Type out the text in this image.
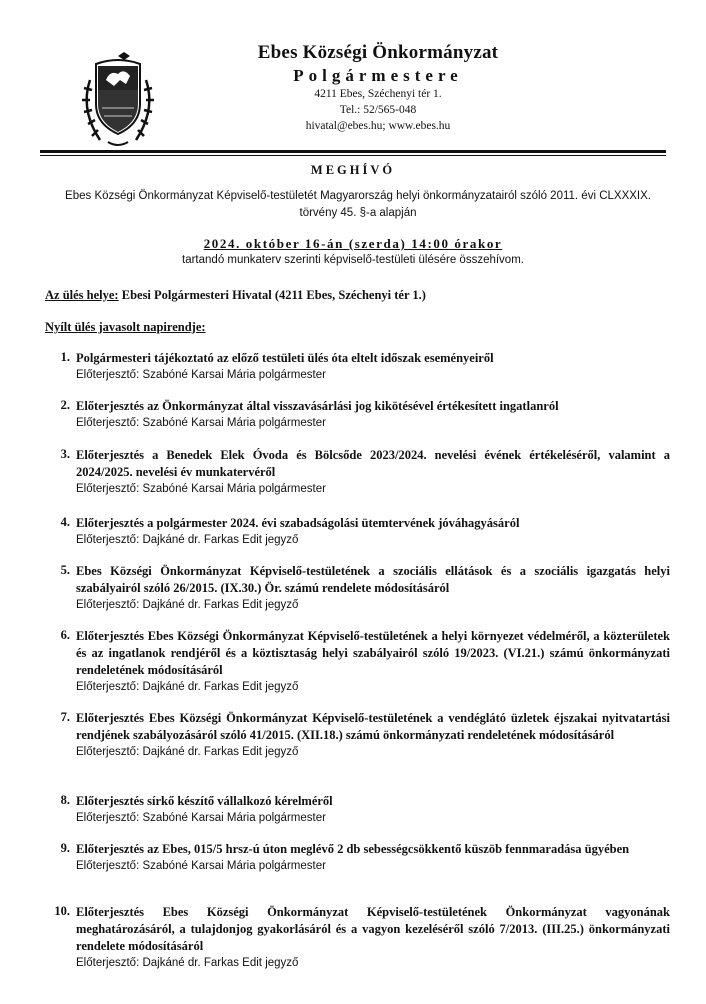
Ebes Községi Önkormányzat
Polgármestere
4211 Ebes, Széchenyi tér 1.
Tel.: 52/565-048
hivatal@ebes.hu; www.ebes.hu
MEGHÍVÓ
Ebes Községi Önkormányzat Képviselő-testületét Magyarország helyi önkormányzatairól szóló 2011. évi CLXXXIX. törvény 45. §-a alapján
2024. október 16-án (szerda) 14:00 órakor
tartandó munkaterv szerinti képviselő-testületi ülésére összehívom.
Az ülés helye: Ebesi Polgármesteri Hivatal (4211 Ebes, Széchenyi tér 1.)
Nyílt ülés javasolt napirendje:
1. Polgármesteri tájékoztató az előző testületi ülés óta eltelt időszak eseményeiről
Előterjesztő: Szabóné Karsai Mária polgármester
2. Előterjesztés az Önkormányzat által visszavásárlási jog kikötésével értékesített ingatlanról
Előterjesztő: Szabóné Karsai Mária polgármester
3. Előterjesztés a Benedek Elek Óvoda és Bölcsőde 2023/2024. nevelési évének értékeléséről, valamint a 2024/2025. nevelési év munkatervéről
Előterjesztő: Szabóné Karsai Mária polgármester
4. Előterjesztés a polgármester 2024. évi szabadságolási ütemtervének jóváhagyásáról
Előterjesztő: Dajkáné dr. Farkas Edit jegyző
5. Ebes Községi Önkormányzat Képviselő-testületének a szociális ellátások és a szociális igazgatás helyi szabályairól szóló 26/2015. (IX.30.) Ör. számú rendelete módosításáról
Előterjesztő: Dajkáné dr. Farkas Edit jegyző
6. Előterjesztés Ebes Községi Önkormányzat Képviselő-testületének a helyi környezet védelméről, a közterületek és az ingatlanok rendjéről és a köztisztaság helyi szabályairól szóló 19/2023. (VI.21.) számú önkormányzati rendeletének módosításáról
Előterjesztő: Dajkáné dr. Farkas Edit jegyző
7. Előterjesztés Ebes Községi Önkormányzat Képviselő-testületének a vendéglátó üzletek éjszakai nyitvatartási rendjének szabályozásáról szóló 41/2015. (XII.18.) számú önkormányzati rendeletének módosításáról
Előterjesztő: Dajkáné dr. Farkas Edit jegyző
8. Előterjesztés sírkő készítő vállalkozó kérelméről
Előterjesztő: Szabóné Karsai Mária polgármester
9. Előterjesztés az Ebes, 015/5 hrsz-ú úton meglévő 2 db sebességcsökkentő küszöb fennmaradása ügyében
Előterjesztő: Szabóné Karsai Mária polgármester
10. Előterjesztés Ebes Községi Önkormányzat Képviselő-testületének Önkormányzat vagyonának meghatározásáról, a tulajdonjog gyakorlásáról és a vagyon kezeléséről szóló 7/2013. (III.25.) önkormányzati rendelete módosításáról
Előterjesztő: Dajkáné dr. Farkas Edit jegyző
